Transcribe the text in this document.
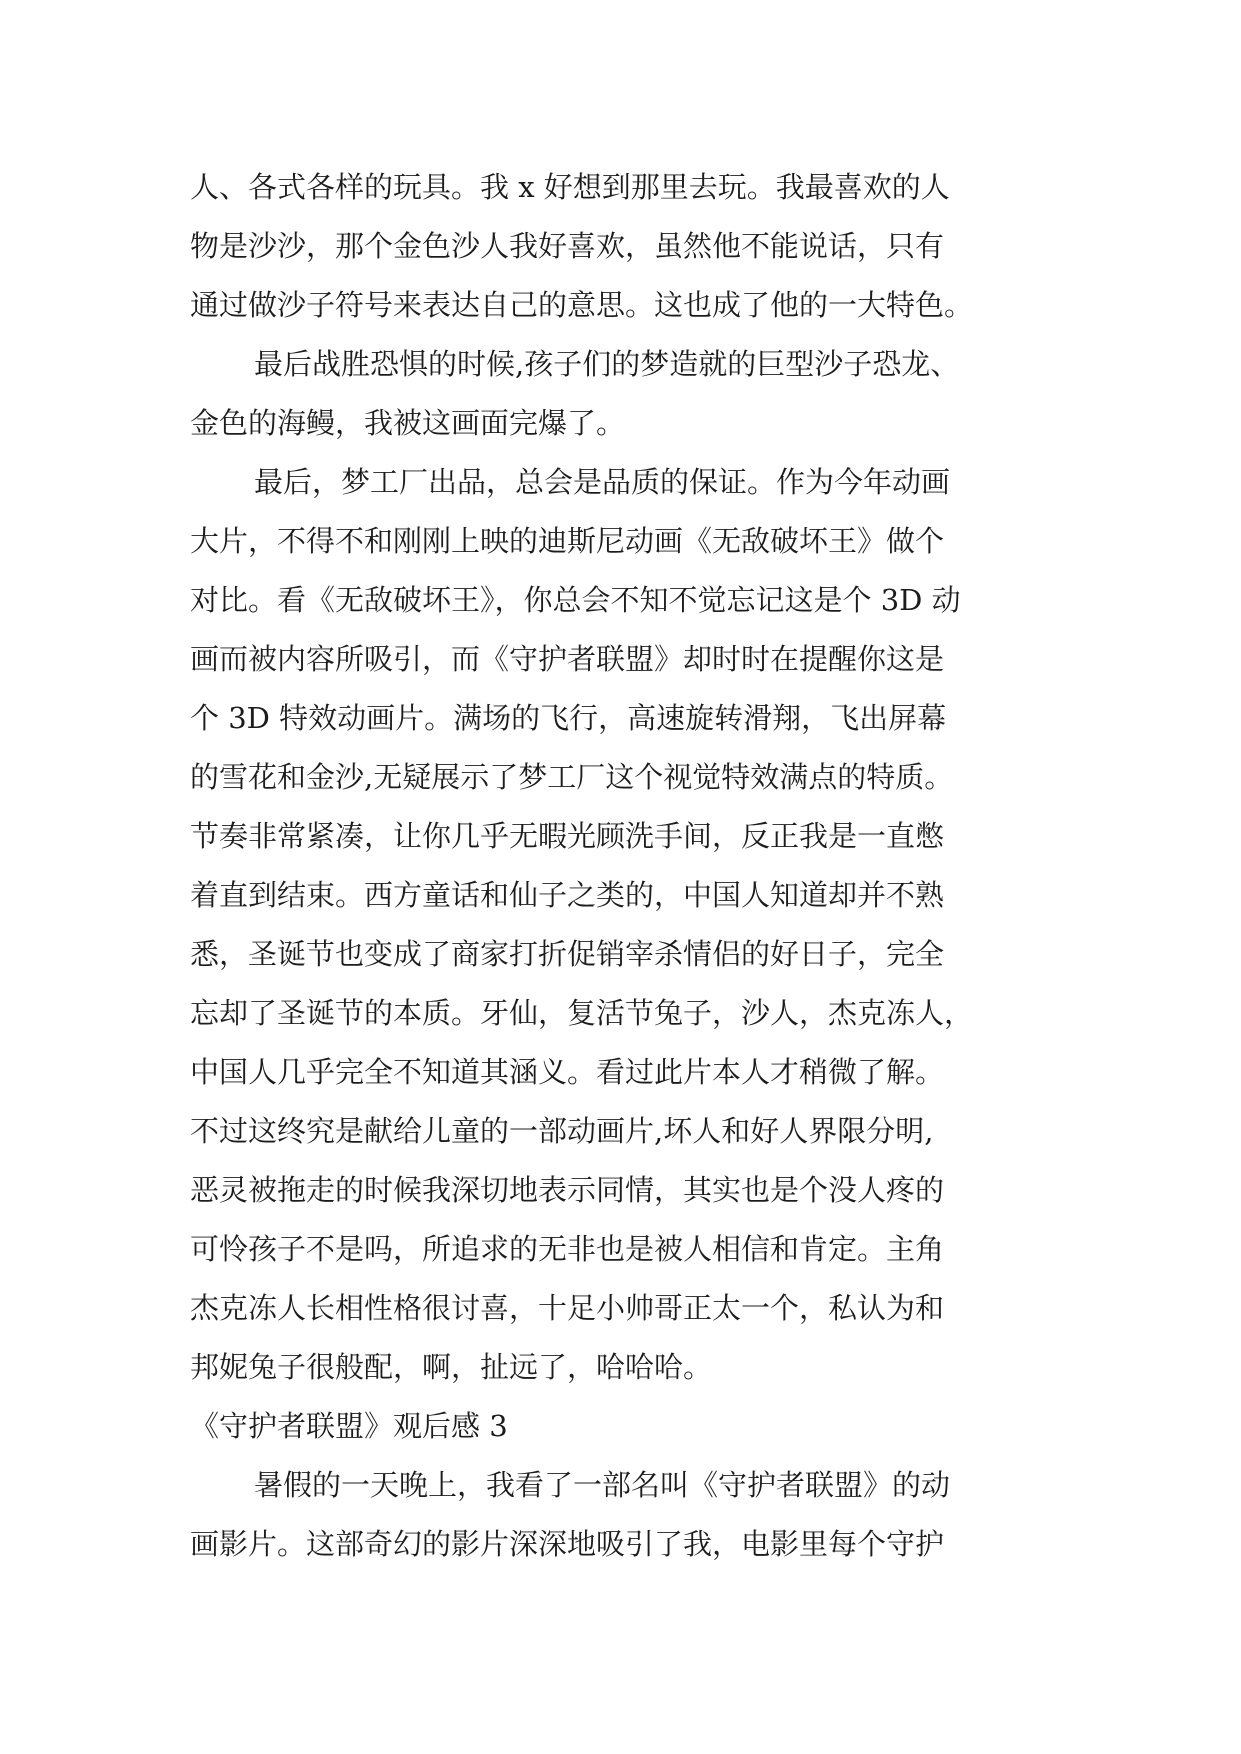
人、各式各样的玩具。我 x 好想到那里去玩。我最喜欢的人
物是沙沙，那个金色沙人我好喜欢，虽然他不能说话，只有
通过做沙子符号来表达自己的意思。这也成了他的一大特色。
最后战胜恐惧的时候,孩子们的梦造就的巨型沙子恐龙、
金色的海鳗，我被这画面完爆了。
最后，梦工厂出品，总会是品质的保证。作为今年动画
大片，不得不和刚刚上映的迪斯尼动画《无敌破坏王》做个
对比。看《无敌破坏王》，你总会不知不觉忘记这是个 3D 动
画而被内容所吸引，而《守护者联盟》却时时在提醒你这是
个 3D 特效动画片。满场的飞行，高速旋转滑翔，飞出屏幕
的雪花和金沙,无疑展示了梦工厂这个视觉特效满点的特质。
节奏非常紧凑，让你几乎无暇光顾洗手间，反正我是一直憋
着直到结束。西方童话和仙子之类的，中国人知道却并不熟
悉，圣诞节也变成了商家打折促销宰杀情侣的好日子，完全
忘却了圣诞节的本质。牙仙，复活节兔子，沙人，杰克冻人，
中国人几乎完全不知道其涵义。看过此片本人才稍微了解。
不过这终究是献给儿童的一部动画片,坏人和好人界限分明,
恶灵被拖走的时候我深切地表示同情，其实也是个没人疼的
可怜孩子不是吗，所追求的无非也是被人相信和肯定。主角
杰克冻人长相性格很讨喜，十足小帅哥正太一个，私认为和
邦妮兔子很般配，啊，扯远了，哈哈哈。
《守护者联盟》观后感 3
暑假的一天晚上，我看了一部名叫《守护者联盟》的动
画影片。这部奇幻的影片深深地吸引了我，电影里每个守护
